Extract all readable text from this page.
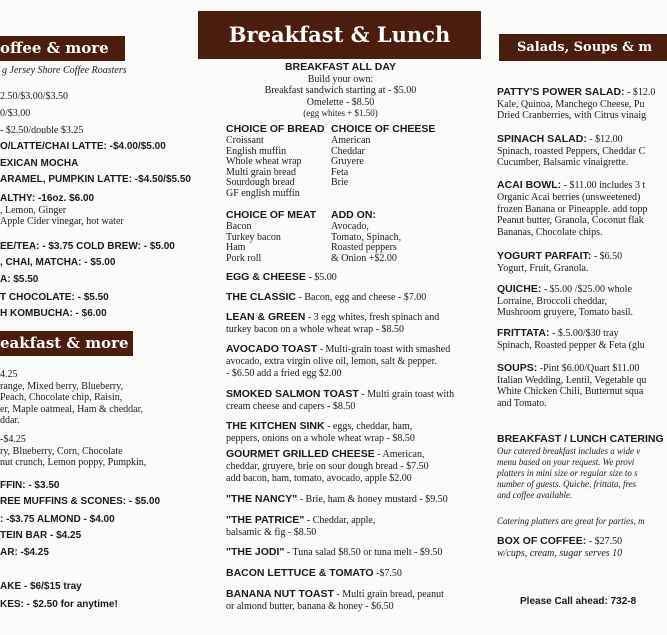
offee & more
g Jersey Shore Coffee Roasters
2.50/$3.00/$3.50
0/$3.00
- $2.50/double $3.25
O/LATTE/CHAI LATTE: -$4.00/$5.00
EXICAN MOCHA
ARAMEL, PUMPKIN LATTE: -$4.50/$5.50
ALTHY: -16oz. $6.00
, Lemon, Ginger
Apple Cider vinegar, hot water
EE/TEA: - $3.75 COLD BREW: - $5.00
, CHAI, MATCHA: - $5.00
A: $5.50
T CHOCOLATE: - $5.50
H KOMBUCHA: - $6.00
eakfast & more
4.25
range, Mixed berry, Blueberry,
Peach, Chocolate chip, Raisin,
er, Maple oatmeal, Ham & cheddar,
ddar.
-$4.25
ry, Blueberry, Corn, Chocolate
nut crunch, Lemon poppy, Pumpkin,
FFIN: - $3.50
REE MUFFINS & SCONES: - $5.00
: -$3.75 ALMOND - $4.00
TEIN BAR - $4.25
AR: -$4.25
AKE - $6/$15 tray
KES: - $2.50 for anytime!
Breakfast & Lunch
BREAKFAST ALL DAY
Build your own:
Breakfast sandwich starting at - $5.00
Omelette - $8.50
(egg whites + $1.50)
CHOICE OF BREAD
Croissant
English muffin
Whole wheat wrap
Multi grain bread
Sourdough bread
GF english muffin
CHOICE OF CHEESE
American
Cheddar
Gruyere
Feta
Brie
CHOICE OF MEAT
Bacon
Turkey bacon
Ham
Pork roll
ADD ON:
Avocado,
Tomato, Spinach,
Roasted peppers
& Onion +$2.00
EGG & CHEESE - $5.00
THE CLASSIC - Bacon, egg and cheese - $7.00
LEAN & GREEN - 3 egg whites, fresh spinach and
turkey bacon on a whole wheat wrap - $8.50
AVOCADO TOAST - Multi-grain toast with smashed
avocado, extra virgin olive oil, lemon, salt & pepper.
- $6.50 add a fried egg $2.00
SMOKED SALMON TOAST - Multi grain toast with
cream cheese and capers - $8.50
THE KITCHEN SINK - eggs, cheddar, ham,
peppers, onions on a whole wheat wrap - $8.50
GOURMET GRILLED CHEESE - American,
cheddar, gruyere, brie on sour dough bread - $7.50
add bacon, ham, tomato, avocado, apple $2.00
"THE NANCY" - Brie, ham & honey mustard - $9.50
"THE PATRICE" - Cheddar, apple,
balsamic & fig - $8.50
"THE JODI" - Tuna salad $8.50 or tuna melt - $9.50
BACON LETTUCE & TOMATO -$7.50
BANANA NUT TOAST - Multi grain bread, peanut
or almond butter, banana & honey - $6.50
Salads, Soups & m
PATTY'S POWER SALAD: - $12.0
Kale, Quinoa, Manchego Cheese, Pu
Dried Cranberries, with Citrus vinaig
SPINACH SALAD: - $12.00
Spinach, roasted Peppers, Cheddar C
Cucumber, Balsamic vinaigrette.
ACAI BOWL: - $11.00 includes 3 t
Organic Acai berries (unsweetened)
frozen Banana or Pineapple. add topp
Peanut butter, Granola, Coconut flak
Bananas, Chocolate chips.
YOGURT PARFAIT: - $6.50
Yogurt, Fruit, Granola.
QUICHE: - $5.00 /$25.00 whole
Lorraine, Broccoli cheddar,
Mushroom gruyere, Tomato basil.
FRITTATA: - $.5.00/$30 tray
Spinach, Roasted pepper & Feta (glu
SOUPS: -Pint $6.00/Quart $11.00
Italian Wedding, Lentil, Vegetable qu
White Chicken Chili, Butternut squa
and Tomato.
BREAKFAST / LUNCH CATERING
Our catered breakfast includes a wide v
menu based on your request. We provi
platters in mini size or regular size to s
number of guests. Quiche, frittata, fres
and coffee available.
Catering platters are great for parties, m
BOX OF COFFEE: - $27.50
w/cups, cream, sugar serves 10
Please Call ahead: 732-8
